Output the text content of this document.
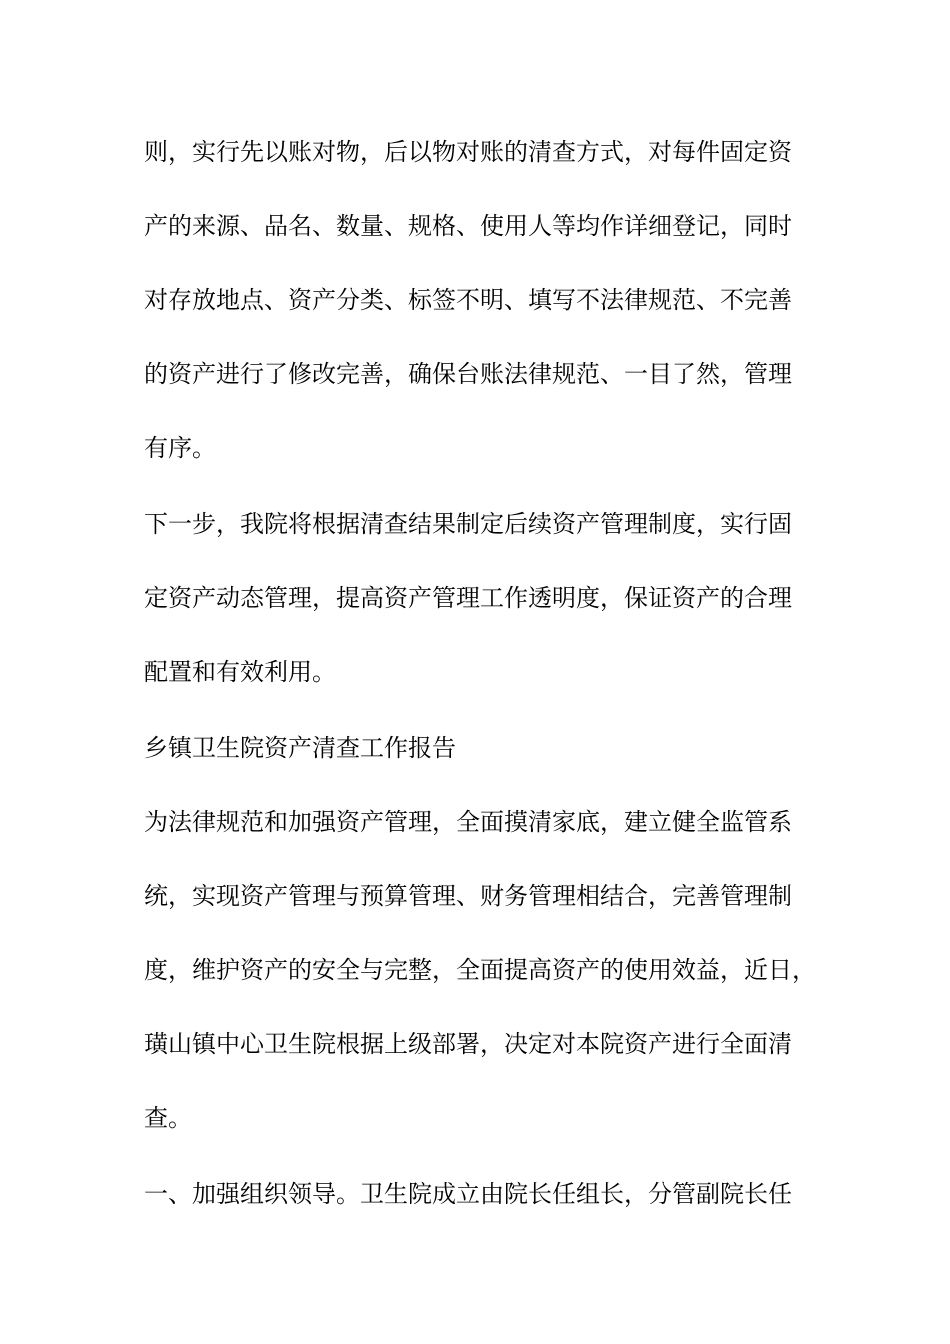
则，实行先以账对物，后以物对账的清查方式，对每件固定资

产的来源、品名、数量、规格、使用人等均作详细登记，同时

对存放地点、资产分类、标签不明、填写不法律规范、不完善

的资产进行了修改完善，确保台账法律规范、一目了然，管理

有序。

下一步，我院将根据清查结果制定后续资产管理制度，实行固

定资产动态管理，提高资产管理工作透明度，保证资产的合理

配置和有效利用。

乡镇卫生院资产清查工作报告

为法律规范和加强资产管理，全面摸清家底，建立健全监管系

统，实现资产管理与预算管理、财务管理相结合，完善管理制

度，维护资产的安全与完整，全面提高资产的使用效益，近日，

璜山镇中心卫生院根据上级部署，决定对本院资产进行全面清

查。

一、加强组织领导。卫生院成立由院长任组长，分管副院长任
